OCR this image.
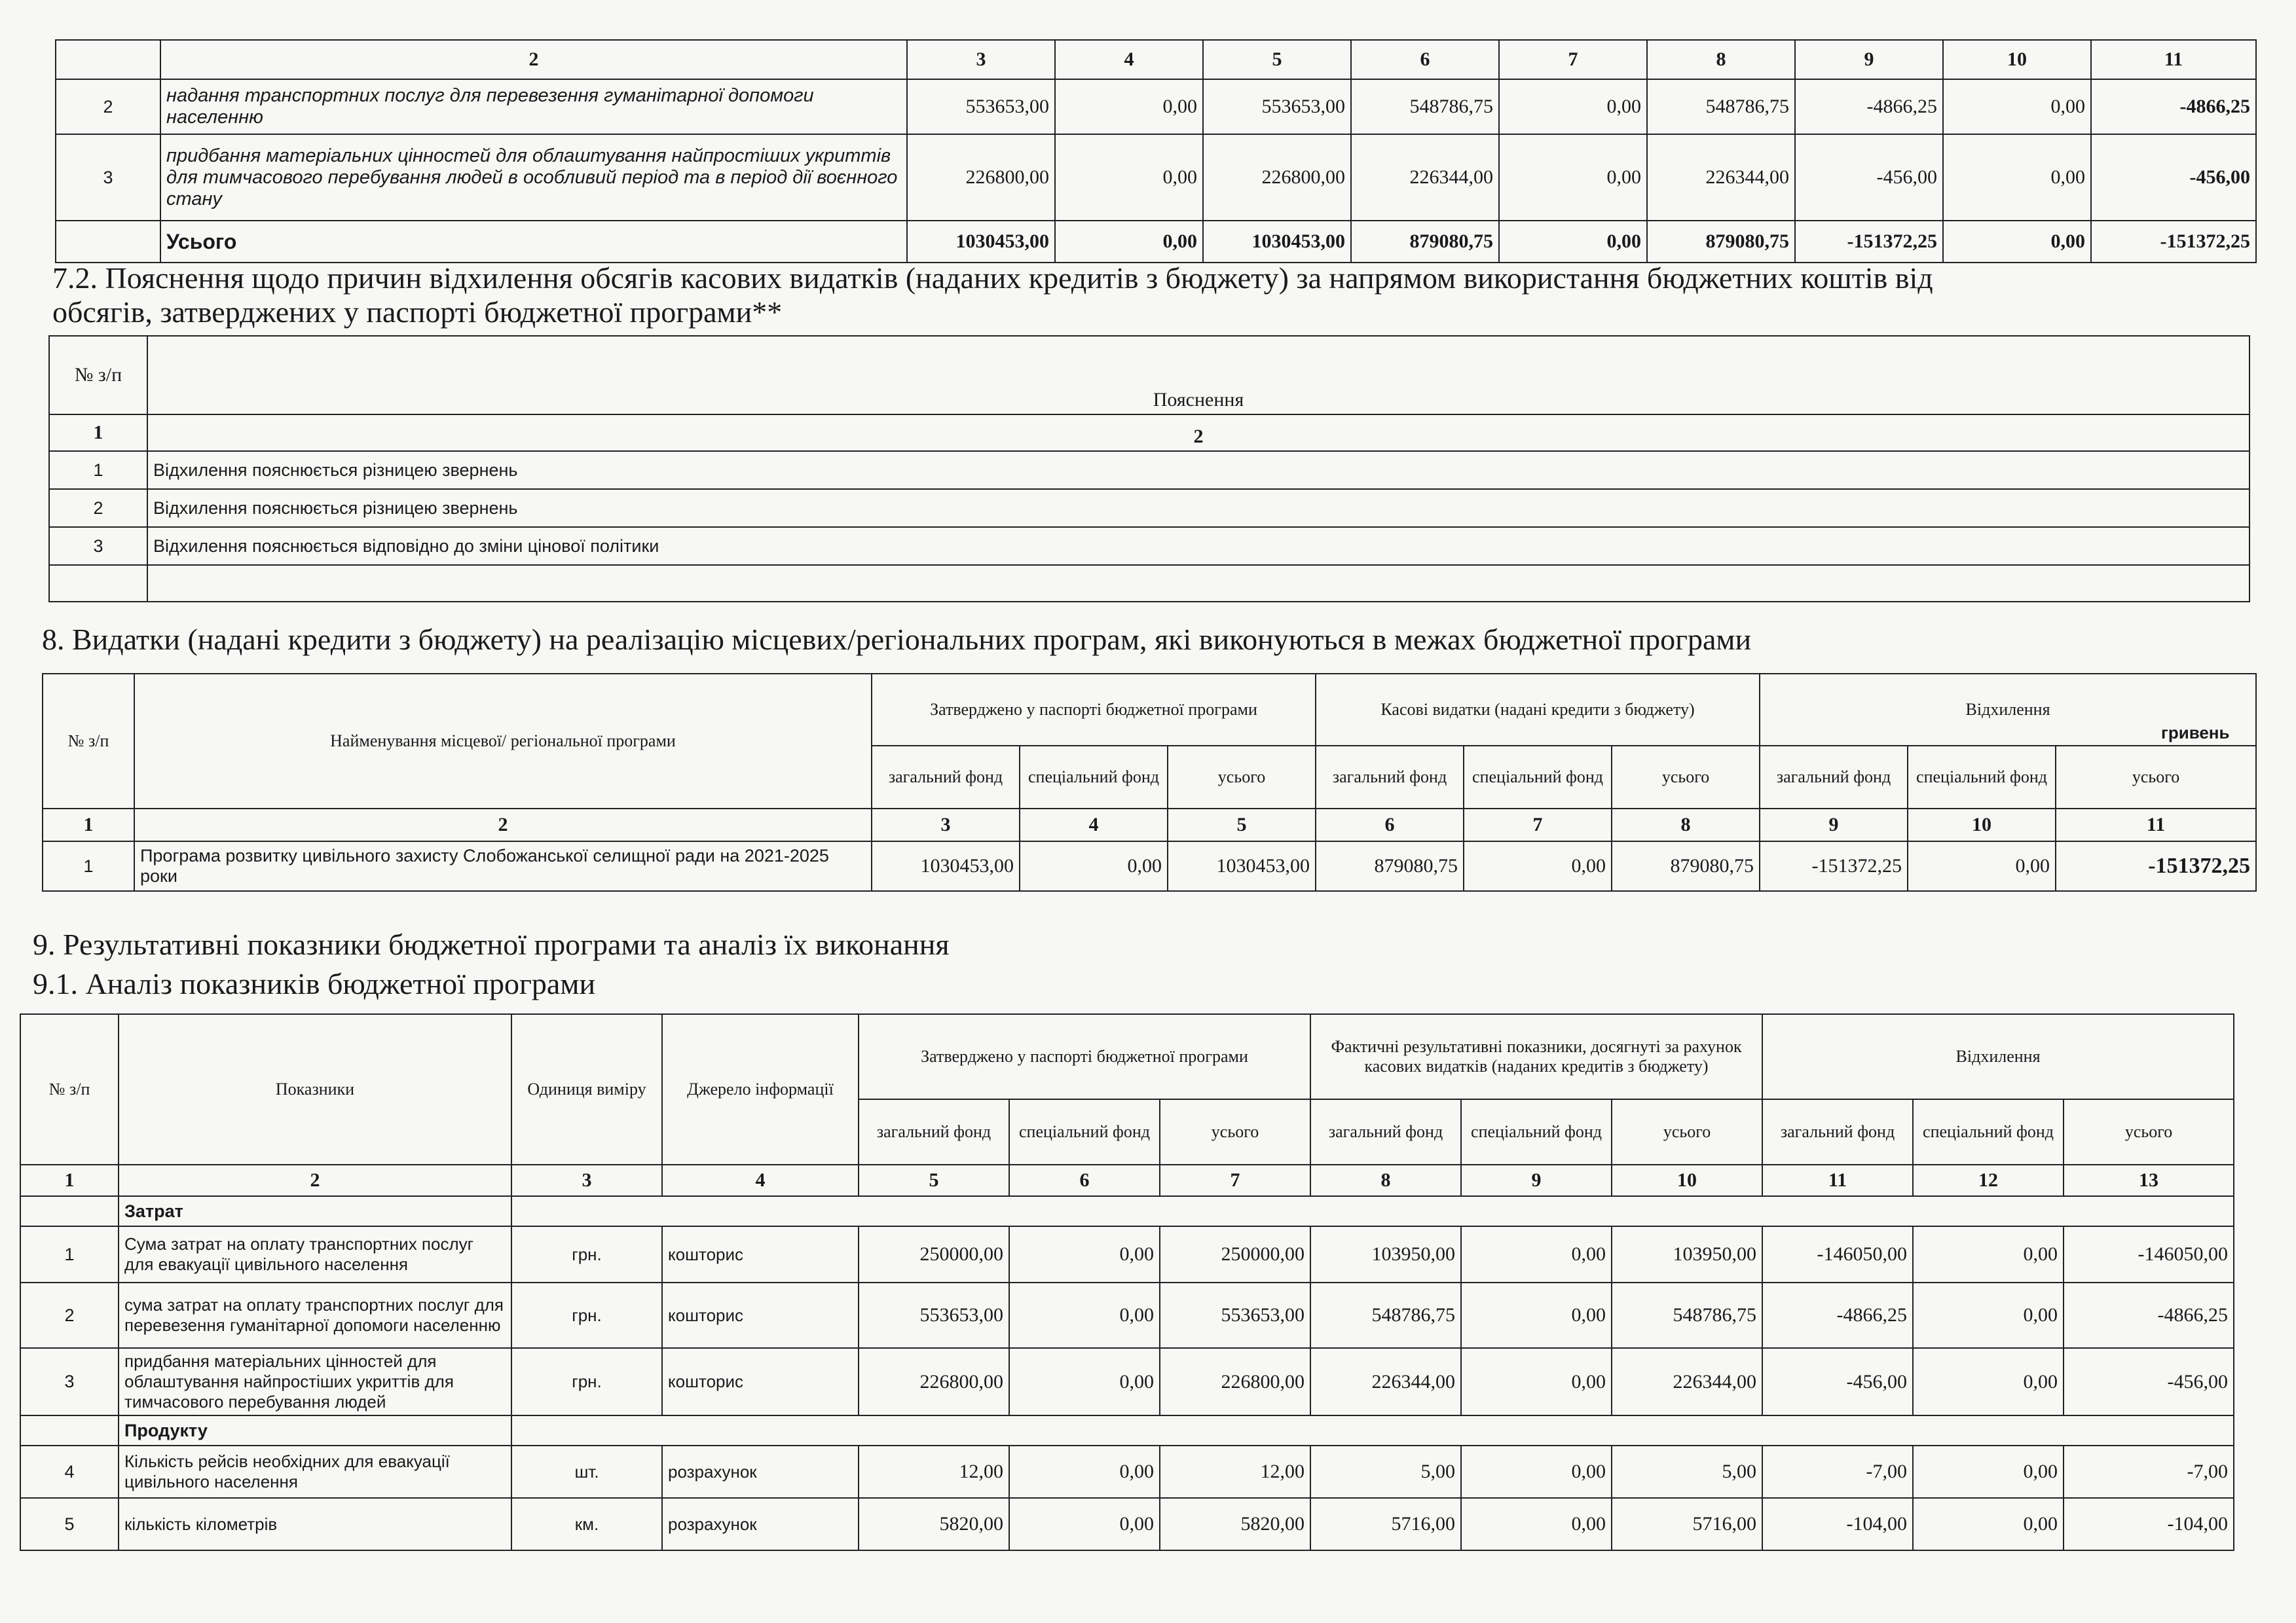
	2	3	4	5	6	7	8	9	10	11
2	надання транспортних послуг для перевезення гуманітарної допомоги населенню	553653,00	0,00	553653,00	548786,75	0,00	548786,75	-4866,25	0,00	-4866,25
3	придбання матеріальних цінностей для облаштування найпростіших укриттів для тимчасового перебування людей в особливий період та в період дії воєнного стану	226800,00	0,00	226800,00	226344,00	0,00	226344,00	-456,00	0,00	-456,00
	Усього	1030453,00	0,00	1030453,00	879080,75	0,00	879080,75	-151372,25	0,00	-151372,25
7.2. Пояснення щодо причин відхилення обсягів касових видатків (наданих кредитів з бюджету) за напрямом використання бюджетних коштів від
обсягів, затверджених у паспорті бюджетної програми**
№ з/п	Пояснення
1	2
1	Відхилення пояснюється різницею звернень
2	Відхилення пояснюється різницею звернень
3	Відхилення пояснюється відповідно до зміни цінової політики

8. Видатки (надані кредити з бюджету) на реалізацію місцевих/регіональних програм, які виконуються в межах бюджетної програми
гривень
№ з/п	Найменування місцевої/ регіональної програми	Затверджено у паспорті бюджетної програми			Касові видатки (надані кредити з бюджету)			Відхилення		
		загальний фонд	спеціальний фонд	усього	загальний фонд	спеціальний фонд	усього	загальний фонд	спеціальний фонд	усього
1	2	3	4	5	6	7	8	9	10	11
1	Програма розвитку цивільного захисту Слобожанської селищної ради на 2021-2025 роки	1030453,00	0,00	1030453,00	879080,75	0,00	879080,75	-151372,25	0,00	-151372,25
9. Результативні показники бюджетної програми та аналіз їх виконання
9.1. Аналіз показників бюджетної програми
№ з/п	Показники	Одиниця виміру	Джерело інформації	Затверджено у паспорті бюджетної програми			Фактичні результативні показники, досягнуті за рахунок касових видатків (наданих кредитів з бюджету)			Відхилення		
				загальний фонд	спеціальний фонд	усього	загальний фонд	спеціальний фонд	усього	загальний фонд	спеціальний фонд	усього
1	2	3	4	5	6	7	8	9	10	11	12	13
	Затрат											
1	Сума затрат на оплату транспортних послуг для евакуації цивільного населення	грн.	кошторис	250000,00	0,00	250000,00	103950,00	0,00	103950,00	-146050,00	0,00	-146050,00
2	сума затрат на оплату транспортних послуг для перевезення гуманітарної допомоги населенню	грн.	кошторис	553653,00	0,00	553653,00	548786,75	0,00	548786,75	-4866,25	0,00	-4866,25
3	придбання матеріальних цінностей для облаштування найпростіших укриттів для тимчасового перебування людей	грн.	кошторис	226800,00	0,00	226800,00	226344,00	0,00	226344,00	-456,00	0,00	-456,00
	Продукту											
4	Кількість рейсів необхідних для евакуації цивільного населення	шт.	розрахунок	12,00	0,00	12,00	5,00	0,00	5,00	-7,00	0,00	-7,00
5	кількість кілометрів	км.	розрахунок	5820,00	0,00	5820,00	5716,00	0,00	5716,00	-104,00	0,00	-104,00
